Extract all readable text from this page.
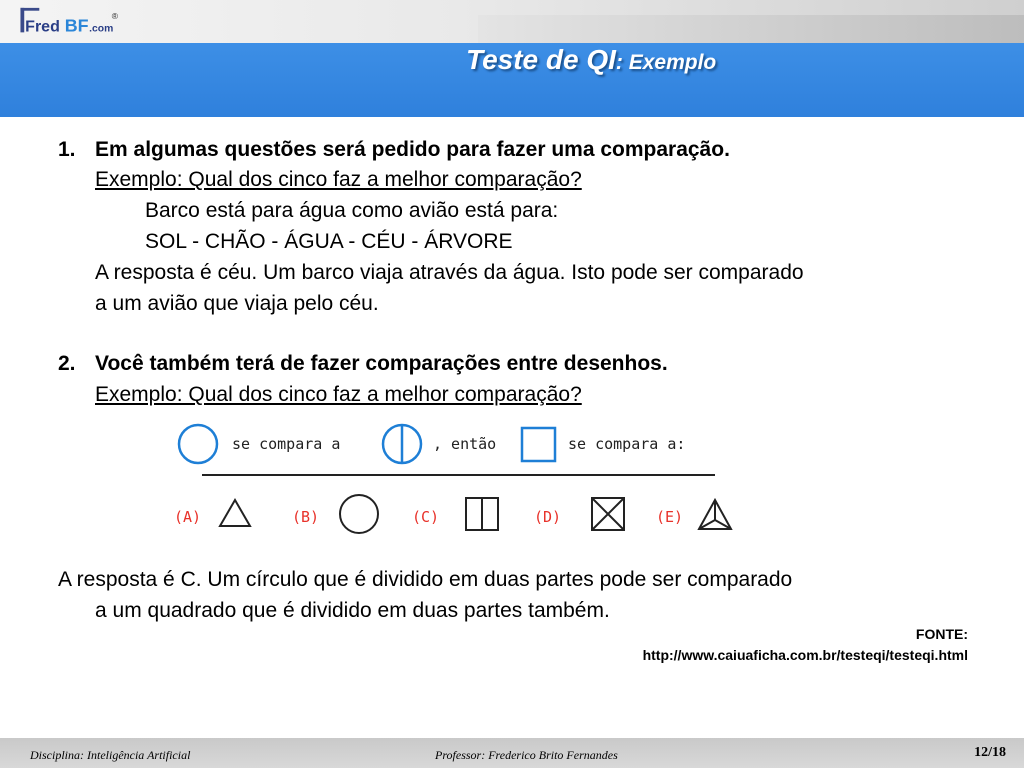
Fred BF .com
®
Teste de QI: Exemplo
1. Em algumas questões será pedido para fazer uma comparação.
Exemplo: Qual dos cinco faz a melhor comparação?
Barco está para água como avião está para:
SOL - CHÃO - ÁGUA - CÉU - ÁRVORE
A resposta é céu. Um barco viaja através da água. Isto pode ser comparado
a um avião que viaja pelo céu.
2. Você também terá de fazer comparações entre desenhos.
Exemplo: Qual dos cinco faz a melhor comparação?
se compara a	, então	se compara a:
(A)	(B)	(C)	(D)	(E)
A resposta é C. Um círculo que é dividido em duas partes pode ser comparado
a um quadrado que é dividido em duas partes também.
FONTE:
http://www.caiuaficha.com.br/testeqi/testeqi.html
Disciplina: Inteligência Artificial	Professor: Frederico Brito Fernandes	12/18
